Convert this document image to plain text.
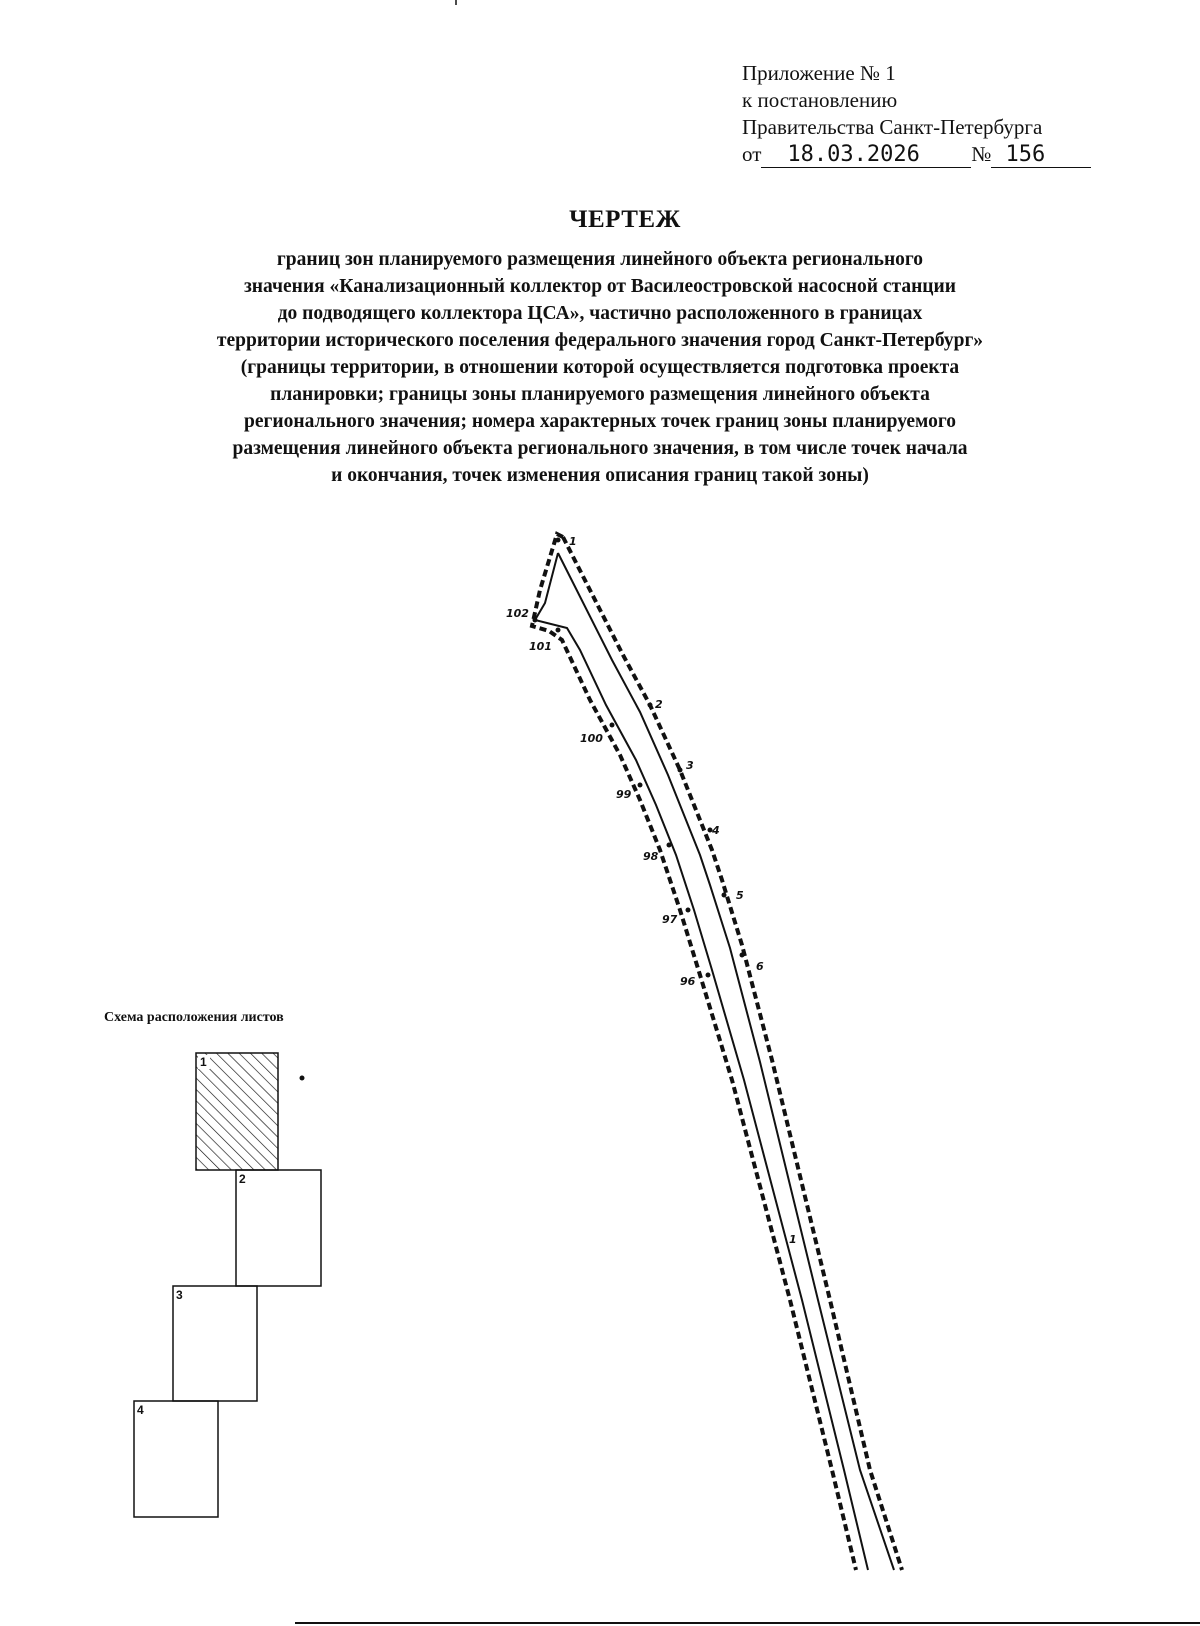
Приложение № 1
к постановлению
Правительства Санкт-Петербурга
от	18.03.2026	№ 156
ЧЕРТЕЖ
границ зон планируемого размещения линейного объекта регионального
значения «Канализационный коллектор от Василеостровской насосной станции
до подводящего коллектора ЦСА», частично расположенного в границах
территории исторического поселения федерального значения город Санкт-Петербург»
(границы территории, в отношении которой осуществляется подготовка проекта
планировки; границы зоны планируемого размещения линейного объекта
регионального значения; номера характерных точек границ зоны планируемого
размещения линейного объекта регионального значения, в том числе точек начала
и окончания, точек изменения описания границ такой зоны)
Схема расположения листов
1
2
3
4
5
6
96
97
98
99
100
101
102
1
1
2
3
4
